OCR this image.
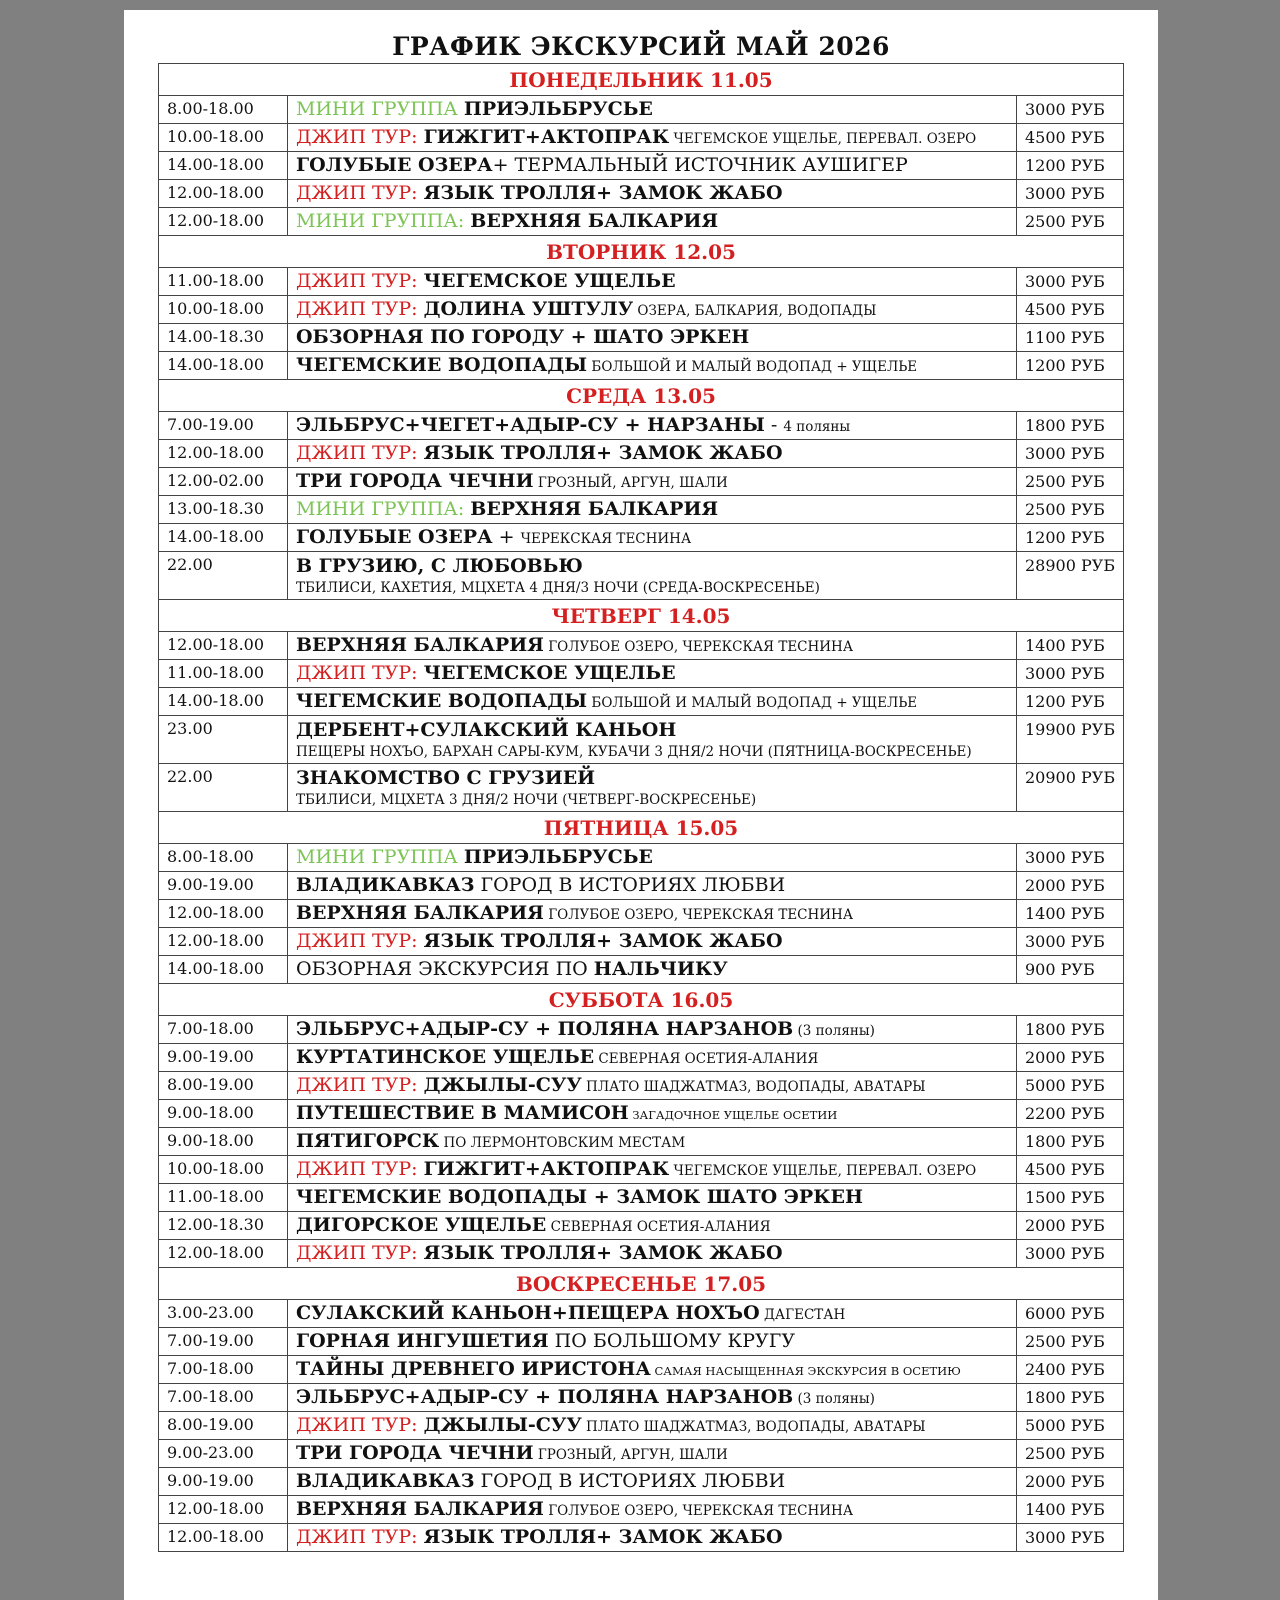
ГРАФИК ЭКСКУРСИЙ МАЙ 2026
ПОНЕДЕЛЬНИК 11.05
8.00-18.00	МИНИ ГРУППА ПРИЭЛЬБРУСЬЕ	3000 РУБ
10.00-18.00	ДЖИП ТУР: ГИЖГИТ+АКТОПРАК ЧЕГЕМСКОЕ УЩЕЛЬЕ, ПЕРЕВАЛ. ОЗЕРО	4500 РУБ
14.00-18.00	ГОЛУБЫЕ ОЗЕРА+ ТЕРМАЛЬНЫЙ ИСТОЧНИК АУШИГЕР	1200 РУБ
12.00-18.00	ДЖИП ТУР: ЯЗЫК ТРОЛЛЯ+ ЗАМОК ЖАБО	3000 РУБ
12.00-18.00	МИНИ ГРУППА: ВЕРХНЯЯ БАЛКАРИЯ	2500 РУБ
ВТОРНИК 12.05
11.00-18.00	ДЖИП ТУР: ЧЕГЕМСКОЕ УЩЕЛЬЕ	3000 РУБ
10.00-18.00	ДЖИП ТУР: ДОЛИНА УШТУЛУ ОЗЕРА, БАЛКАРИЯ, ВОДОПАДЫ	4500 РУБ
14.00-18.30	ОБЗОРНАЯ ПО ГОРОДУ + ШАТО ЭРКЕН	1100 РУБ
14.00-18.00	ЧЕГЕМСКИЕ ВОДОПАДЫ БОЛЬШОЙ И МАЛЫЙ ВОДОПАД + УЩЕЛЬЕ	1200 РУБ
СРЕДА 13.05
7.00-19.00	ЭЛЬБРУС+ЧЕГЕТ+АДЫР-СУ + НАРЗАНЫ - 4 поляны	1800 РУБ
12.00-18.00	ДЖИП ТУР: ЯЗЫК ТРОЛЛЯ+ ЗАМОК ЖАБО	3000 РУБ
12.00-02.00	ТРИ ГОРОДА ЧЕЧНИ ГРОЗНЫЙ, АРГУН, ШАЛИ	2500 РУБ
13.00-18.30	МИНИ ГРУППА: ВЕРХНЯЯ БАЛКАРИЯ	2500 РУБ
14.00-18.00	ГОЛУБЫЕ ОЗЕРА + ЧЕРЕКСКАЯ ТЕСНИНА	1200 РУБ
22.00	В ГРУЗИЮ, С ЛЮБОВЬЮ
ТБИЛИСИ, КАХЕТИЯ, МЦХЕТА 4 ДНЯ/3 НОЧИ (СРЕДА-ВОСКРЕСЕНЬЕ)
28900 РУБ
ЧЕТВЕРГ 14.05
12.00-18.00	ВЕРХНЯЯ БАЛКАРИЯ ГОЛУБОЕ ОЗЕРО, ЧЕРЕКСКАЯ ТЕСНИНА	1400 РУБ
11.00-18.00	ДЖИП ТУР: ЧЕГЕМСКОЕ УЩЕЛЬЕ	3000 РУБ
14.00-18.00	ЧЕГЕМСКИЕ ВОДОПАДЫ БОЛЬШОЙ И МАЛЫЙ ВОДОПАД + УЩЕЛЬЕ	1200 РУБ
23.00	ДЕРБЕНТ+СУЛАКСКИЙ КАНЬОН
ПЕЩЕРЫ НОХЪО, БАРХАН САРЫ-КУМ, КУБАЧИ 3 ДНЯ/2 НОЧИ (ПЯТНИЦА-ВОСКРЕСЕНЬЕ)
19900 РУБ
22.00	ЗНАКОМСТВО С ГРУЗИЕЙ
ТБИЛИСИ, МЦХЕТА 3 ДНЯ/2 НОЧИ (ЧЕТВЕРГ-ВОСКРЕСЕНЬЕ)
20900 РУБ
ПЯТНИЦА 15.05
8.00-18.00	МИНИ ГРУППА ПРИЭЛЬБРУСЬЕ	3000 РУБ
9.00-19.00	ВЛАДИКАВКАЗ ГОРОД В ИСТОРИЯХ ЛЮБВИ	2000 РУБ
12.00-18.00	ВЕРХНЯЯ БАЛКАРИЯ ГОЛУБОЕ ОЗЕРО, ЧЕРЕКСКАЯ ТЕСНИНА	1400 РУБ
12.00-18.00	ДЖИП ТУР: ЯЗЫК ТРОЛЛЯ+ ЗАМОК ЖАБО	3000 РУБ
14.00-18.00	ОБЗОРНАЯ ЭКСКУРСИЯ ПО НАЛЬЧИКУ	900 РУБ
СУББОТА 16.05
7.00-18.00	ЭЛЬБРУС+АДЫР-СУ + ПОЛЯНА НАРЗАНОВ (3 поляны)	1800 РУБ
9.00-19.00	КУРТАТИНСКОЕ УЩЕЛЬЕ СЕВЕРНАЯ ОСЕТИЯ-АЛАНИЯ	2000 РУБ
8.00-19.00	ДЖИП ТУР: ДЖЫЛЫ-СУУ ПЛАТО ШАДЖАТМАЗ, ВОДОПАДЫ, АВАТАРЫ	5000 РУБ
9.00-18.00	ПУТЕШЕСТВИЕ В МАМИСОН ЗАГАДОЧНОЕ УЩЕЛЬЕ ОСЕТИИ	2200 РУБ
9.00-18.00	ПЯТИГОРСК ПО ЛЕРМОНТОВСКИМ МЕСТАМ	1800 РУБ
10.00-18.00	ДЖИП ТУР: ГИЖГИТ+АКТОПРАК ЧЕГЕМСКОЕ УЩЕЛЬЕ, ПЕРЕВАЛ. ОЗЕРО	4500 РУБ
11.00-18.00	ЧЕГЕМСКИЕ ВОДОПАДЫ + ЗАМОК ШАТО ЭРКЕН	1500 РУБ
12.00-18.30	ДИГОРСКОЕ УЩЕЛЬЕ СЕВЕРНАЯ ОСЕТИЯ-АЛАНИЯ	2000 РУБ
12.00-18.00	ДЖИП ТУР: ЯЗЫК ТРОЛЛЯ+ ЗАМОК ЖАБО	3000 РУБ
ВОСКРЕСЕНЬЕ 17.05
3.00-23.00	СУЛАКСКИЙ КАНЬОН+ПЕЩЕРА НОХЪО ДАГЕСТАН	6000 РУБ
7.00-19.00	ГОРНАЯ ИНГУШЕТИЯ ПО БОЛЬШОМУ КРУГУ	2500 РУБ
7.00-18.00	ТАЙНЫ ДРЕВНЕГО ИРИСТОНА САМАЯ НАСЫЩЕННАЯ ЭКСКУРСИЯ В ОСЕТИЮ	2400 РУБ
7.00-18.00	ЭЛЬБРУС+АДЫР-СУ + ПОЛЯНА НАРЗАНОВ (3 поляны)	1800 РУБ
8.00-19.00	ДЖИП ТУР: ДЖЫЛЫ-СУУ ПЛАТО ШАДЖАТМАЗ, ВОДОПАДЫ, АВАТАРЫ	5000 РУБ
9.00-23.00	ТРИ ГОРОДА ЧЕЧНИ ГРОЗНЫЙ, АРГУН, ШАЛИ	2500 РУБ
9.00-19.00	ВЛАДИКАВКАЗ ГОРОД В ИСТОРИЯХ ЛЮБВИ	2000 РУБ
12.00-18.00	ВЕРХНЯЯ БАЛКАРИЯ ГОЛУБОЕ ОЗЕРО, ЧЕРЕКСКАЯ ТЕСНИНА	1400 РУБ
12.00-18.00	ДЖИП ТУР: ЯЗЫК ТРОЛЛЯ+ ЗАМОК ЖАБО	3000 РУБ
